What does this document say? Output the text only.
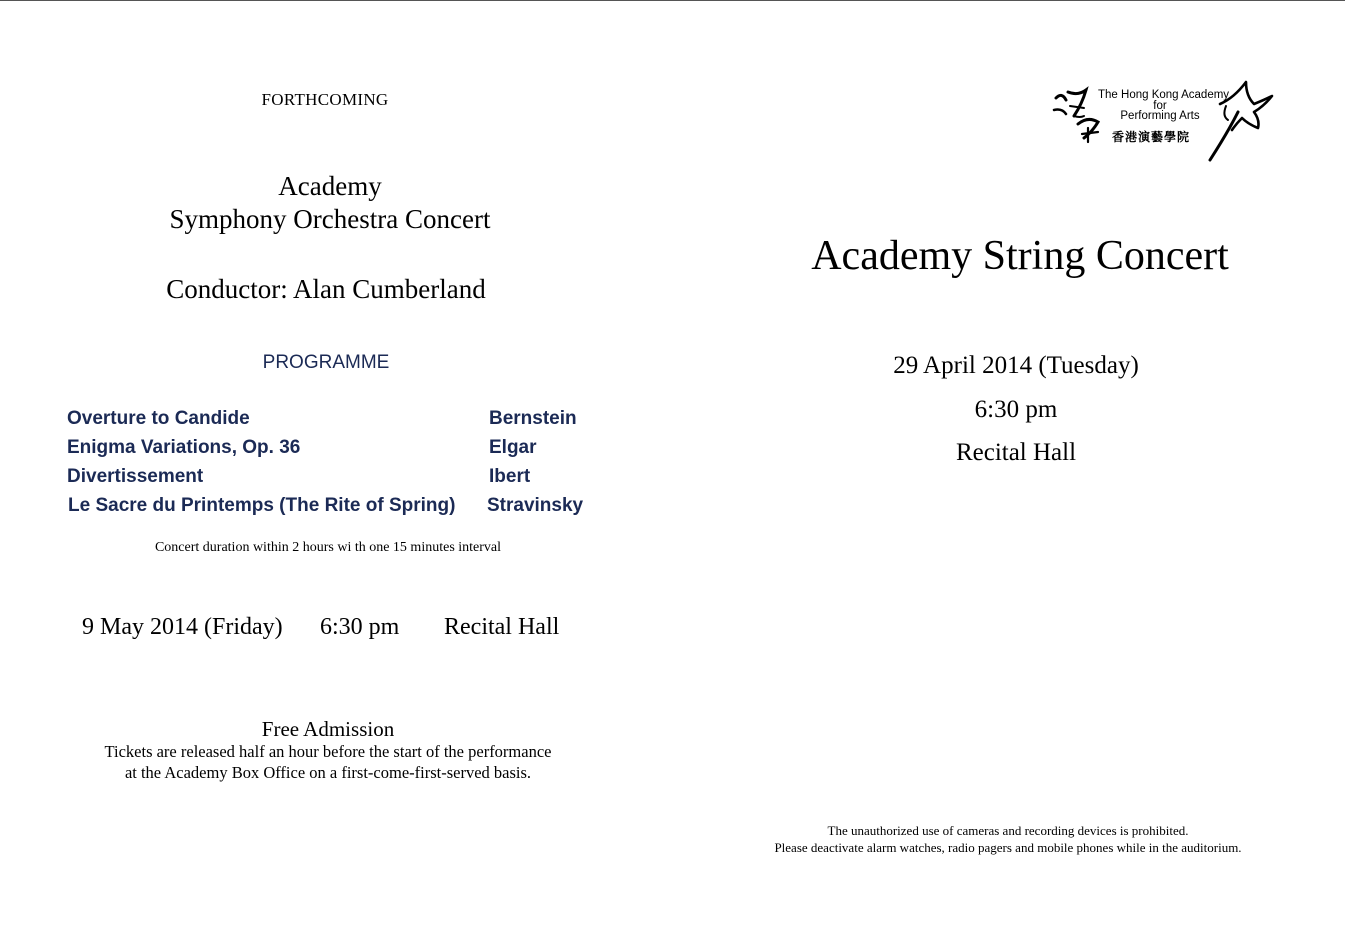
FORTHCOMING
Academy
Symphony Orchestra Concert
Conductor: Alan Cumberland
PROGRAMME
Overture to Candide	Bernstein
Enigma Variations, Op. 36	Elgar
Divertissement	Ibert
Le Sacre du Printemps (The Rite of Spring) Stravinsky
Concert duration within 2 hours wi th one 15 minutes interval
9 May 2014 (Friday) 6:30 pm Recital Hall
Free Admission
Tickets are released half an hour before the start of the performance
at the Academy Box Office on a first-come-first-served basis.
The Hong Kong Academy
for
Performing Arts
香港演藝學院
Academy String Concert
29 April 2014 (Tuesday)
6:30 pm
Recital Hall
The unauthorized use of cameras and recording devices is prohibited.
Please deactivate alarm watches, radio pagers and mobile phones while in the auditorium.
